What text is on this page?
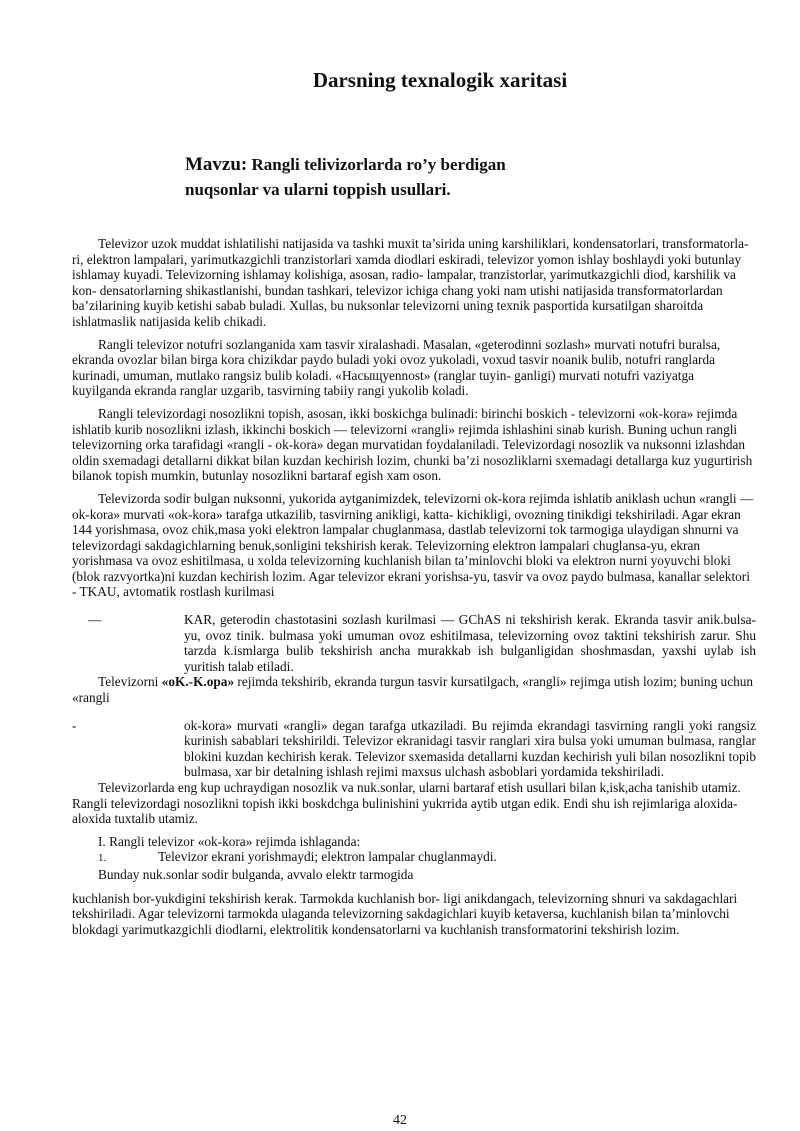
Darsning texnalogik xaritasi
Mavzu: Rangli telivizorlarda ro’y berdigan
nuqsonlar va ularni toppish usullari.

Televizor uzok muddat ishlatilishi natijasida va tashki muxit ta’sirida uning karshiliklari, kondensatorlari, transformatorla- ri, elektron lampalari, yarimutkazgichli tranzistorlari xamda diodlari eskiradi, televizor yomon ishlay boshlaydi yoki butunlay ishlamay kuyadi. Televizorning ishlamay kolishiga, asosan, radio- lampalar, tranzistorlar, yarimutkazgichli diod, karshilik va kon- densatorlarning shikastlanishi, bundan tashkari, televizor ichiga chang yoki nam utishi natijasida transformatorlardan ba’zilarining kuyib ketishi sabab buladi. Xullas, bu nuksonlar televizorni uning texnik pasportida kursatilgan sharoitda ishlatmaslik natijasida kelib chikadi.

Rangli televizor notufri sozlanganida xam tasvir xiralashadi. Masalan, «geterodinni sozlash» murvati notufri buralsa, ekranda ovozlar bilan birga kora chizikdar paydo buladi yoki ovoz yukoladi, voxud tasvir noanik bulib, notufri ranglarda kurinadi, umuman, mutlako rangsiz bulib koladi. «Насыщуеnnost» (ranglar tuyin- ganligi) murvati notufri vaziyatga kuyilganda ekranda ranglar uzgarib, tasvirning tabiiy rangi yukolib koladi.

Rangli televizordagi nosozlikni topish, asosan, ikki boskichga bulinadi: birinchi boskich - televizorni «ok-kora» rejimda ishlatib kurib nosozlikni izlash, ikkinchi boskich — televizorni «rangli» rejimda ishlashini sinab kurish. Buning uchun rangli televizorning orka tarafidagi «rangli - ok-kora» degan murvatidan foydalaniladi. Televizordagi nosozlik va nuksonni izlashdan oldin sxemadagi detallarni dikkat bilan kuzdan kechirish lozim, chunki ba’zi nosozliklarni sxemadagi detallarga kuz yugurtirish bilanok topish mumkin, butunlay nosozlikni bartaraf egish xam oson.

Televizorda sodir bulgan nuksonni, yukorida aytganimizdek, televizorni ok-kora rejimda ishlatib aniklash uchun «rangli — ok-kora» murvati «ok-kora» tarafga utkazilib, tasvirning anikligi, katta- kichikligi, ovozning tinikdigi tekshiriladi. Agar ekran 144 yorishmasa, ovoz chik,masa yoki elektron lampalar chuglanmasa, dastlab televizorni tok tarmogiga ulaydigan shnurni va televizordagi sakdagichlarning benuk,sonligini tekshirish kerak. Televizorning elektron lampalari chuglansa-yu, ekran yorishmasa va ovoz eshitilmasa, u xolda televizorning kuchlanish bilan ta’minlovchi bloki va elektron nurni yoyuvchi bloki (blok razvyortka)ni kuzdan kechirish lozim. Agar televizor ekrani yorishsa-yu, tasvir va ovoz paydo bulmasa, kanallar selektori - TKAU, avtomatik rostlash kurilmasi

—	KAR, geterodin chastotasini sozlash kurilmasi — GChAS ni tekshirish kerak. Ekranda tasvir anik.bulsa-yu, ovoz tinik. bulmasa yoki umuman ovoz eshitilmasa, televizorning ovoz taktini tekshirish zarur. Shu tarzda k.ismlarga bulib tekshirish ancha murakkab ish bulganligidan shoshmasdan, yaxshi uylab ish yuritish talab etiladi.

Televizorni «oK.-K.opa» rejimda tekshirib, ekranda turgun tasvir kursatilgach, «rangli» rejimga utish lozim; buning uchun «rangli

-	ok-kora» murvati «rangli» degan tarafga utkaziladi. Bu rejimda ekrandagi tasvirning rangli yoki rangsiz kurinish sabablari tekshirildi. Televizor ekranidagi tasvir ranglari xira bulsa yoki umuman bulmasa, ranglar blokini kuzdan kechirish kerak. Televizor sxemasida detallarni kuzdan kechirish yuli bilan nosozlikni topib bulmasa, xar bir detalning ishlash rejimi maxsus ulchash asboblari yordamida tekshiriladi.

Televizorlarda eng kup uchraydigan nosozlik va nuk.sonlar, ularni bartaraf etish usullari bilan k,isk,acha tanishib utamiz. Rangli televizordagi nosozlikni topish ikki boskdchga bulinishini yukrrida aytib utgan edik. Endi shu ish rejimlariga aloxida-aloxida tuxtalib utamiz.

I. Rangli televizor «ok-kora» rejimda ishlaganda:

1.	Televizor ekrani yorishmaydi; elektron lampalar chuglanmaydi.

Bunday nuk.sonlar sodir bulganda, avvalo elektr tarmogida

kuchlanish bor-yukdigini tekshirish kerak. Tarmokda kuchlanish bor- ligi anikdangach, televizorning shnuri va sakdagachlari tekshiriladi. Agar televizorni tarmokda ulaganda televizorning sakdagichlari kuyib ketaversa, kuchlanish bilan ta’minlovchi blokdagi yarimutkazgichli diodlarni, elektrolitik kondensatorlarni va kuchlanish transformatorini tekshirish lozim.

42
